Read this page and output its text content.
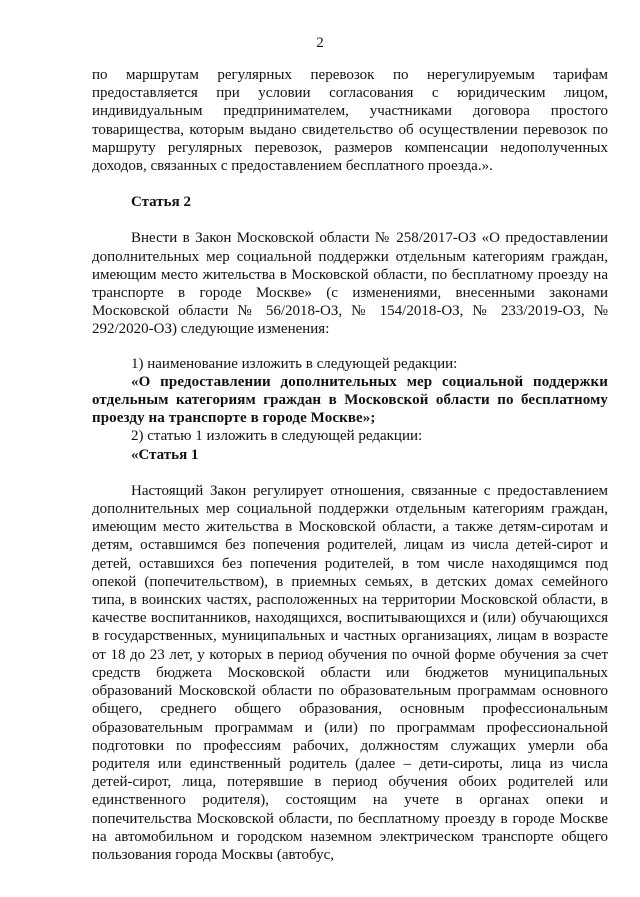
2

по маршрутам регулярных перевозок по нерегулируемым тарифам предоставляется при условии согласования с юридическим лицом, индивидуальным предпринимателем, участниками договора простого товарищества, которым выдано свидетельство об осуществлении перевозок по маршруту регулярных перевозок, размеров компенсации недополученных доходов, связанных с предоставлением бесплатного проезда.».

Статья 2

Внести в Закон Московской области № 258/2017-ОЗ «О предоставлении дополнительных мер социальной поддержки отдельным категориям граждан, имеющим место жительства в Московской области, по бесплатному проезду на транспорте в городе Москве» (с изменениями, внесенными законами Московской области № 56/2018-ОЗ, № 154/2018-ОЗ, № 233/2019-ОЗ, № 292/2020-ОЗ) следующие изменения:

1) наименование изложить в следующей редакции:

«О предоставлении дополнительных мер социальной поддержки отдельным категориям граждан в Московской области по бесплатному проезду на транспорте в городе Москве»;

2) статью 1 изложить в следующей редакции:

«Статья 1

Настоящий Закон регулирует отношения, связанные с предоставлением дополнительных мер социальной поддержки отдельным категориям граждан, имеющим место жительства в Московской области, а также детям-сиротам и детям, оставшимся без попечения родителей, лицам из числа детей-сирот и детей, оставшихся без попечения родителей, в том числе находящимся под опекой (попечительством), в приемных семьях, в детских домах семейного типа, в воинских частях, расположенных на территории Московской области, в качестве воспитанников, находящихся, воспитывающихся и (или) обучающихся в государственных, муниципальных и частных организациях, лицам в возрасте от 18 до 23 лет, у которых в период обучения по очной форме обучения за счет средств бюджета Московской области или бюджетов муниципальных образований Московской области по образовательным программам основного общего, среднего общего образования, основным профессиональным образовательным программам и (или) по программам профессиональной подготовки по профессиям рабочих, должностям служащих умерли оба родителя или единственный родитель (далее – дети-сироты, лица из числа детей-сирот, лица, потерявшие в период обучения обоих родителей или единственного родителя), состоящим на учете в органах опеки и попечительства Московской области, по бесплатному проезду в городе Москве на автомобильном и городском наземном электрическом транспорте общего пользования города Москвы (автобус,
